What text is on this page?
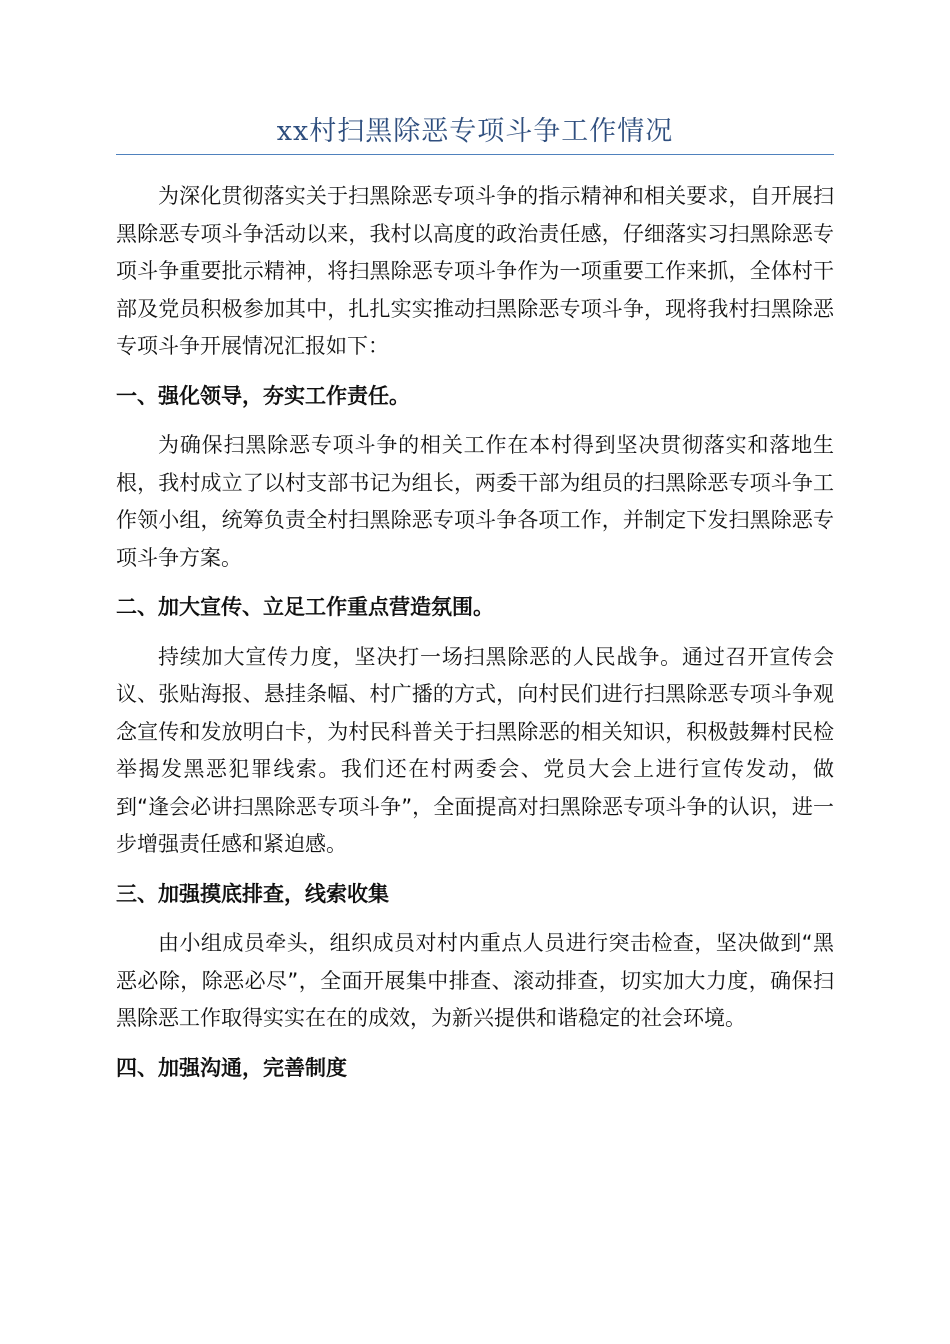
xx村扫黑除恶专项斗争工作情况

为深化贯彻落实关于扫黑除恶专项斗争的指示精神和相关要求，自开展扫黑除恶专项斗争活动以来，我村以高度的政治责任感，仔细落实习扫黑除恶专项斗争重要批示精神，将扫黑除恶专项斗争作为一项重要工作来抓，全体村干部及党员积极参加其中，扎扎实实推动扫黑除恶专项斗争，现将我村扫黑除恶专项斗争开展情况汇报如下：

一、强化领导，夯实工作责任。

为确保扫黑除恶专项斗争的相关工作在本村得到坚决贯彻落实和落地生根，我村成立了以村支部书记为组长，两委干部为组员的扫黑除恶专项斗争工作领小组，统筹负责全村扫黑除恶专项斗争各项工作，并制定下发扫黑除恶专项斗争方案。

二、加大宣传、立足工作重点营造氛围。

持续加大宣传力度，坚决打一场扫黑除恶的人民战争。通过召开宣传会议、张贴海报、悬挂条幅、村广播的方式，向村民们进行扫黑除恶专项斗争观念宣传和发放明白卡，为村民科普关于扫黑除恶的相关知识，积极鼓舞村民检举揭发黑恶犯罪线索。我们还在村两委会、党员大会上进行宣传发动，做到“逢会必讲扫黑除恶专项斗争”，全面提高对扫黑除恶专项斗争的认识，进一步增强责任感和紧迫感。

三、加强摸底排查，线索收集

由小组成员牵头，组织成员对村内重点人员进行突击检查，坚决做到“黑恶必除，除恶必尽”，全面开展集中排查、滚动排查，切实加大力度，确保扫黑除恶工作取得实实在在的成效，为新兴提供和谐稳定的社会环境。

四、加强沟通，完善制度
